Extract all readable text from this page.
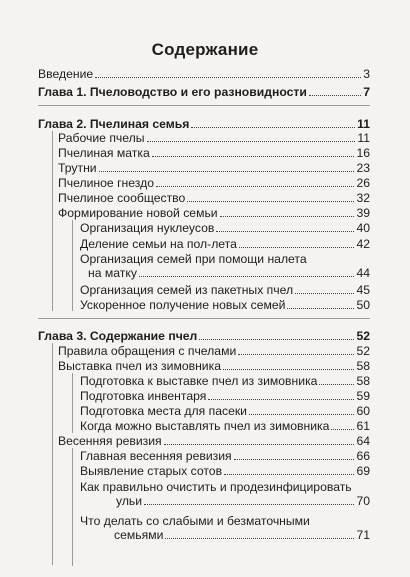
Содержание
Введение	3
Глава 1. Пчеловодство и его разновидности	7
Глава 2. Пчелиная семья	11
Рабочие пчелы	11
Пчелиная матка	16
Трутни	23
Пчелиное гнездо	26
Пчелиное сообщество	32
Формирование новой семьи	39
Организация нуклеусов	40
Деление семьи на пол-лета	42
Организация семей при помощи налета
на матку	44
Организация семей из пакетных пчел	45
Ускоренное получение новых семей	50
Глава 3. Содержание пчел	52
Правила обращения с пчелами	52
Выставка пчел из зимовника	58
Подготовка к выставке пчел из зимовника	58
Подготовка инвентаря	59
Подготовка места для пасеки	60
Когда можно выставлять пчел из зимовника 61
Весенняя ревизия	64
Главная весенняя ревизия	66
Выявление старых сотов	69
Как правильно очистить и продезинфицировать
ульи	70
Что делать со слабыми и безматочными
семьями	71
